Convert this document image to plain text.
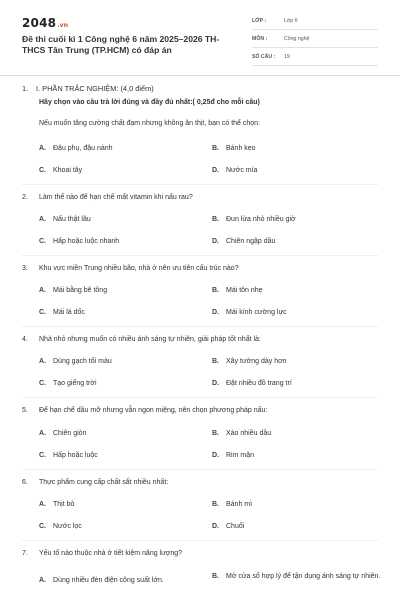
2048.vn
Đề thi cuối kì 1 Công nghệ 6 năm 2025–2026 TH-THCS Tân Trung (TP.HCM) có đáp án
LỚP :	Lớp 6
MÔN :	Công nghệ
SỐ CÂU :	19
1. I. PHẦN TRẮC NGHIỆM: (4,0 điểm)
Hãy chọn vào câu trả lời đúng và đầy đủ nhất:( 0,25đ cho mỗi câu)
Nếu muốn tăng cường chất đạm nhưng không ăn thịt, bạn có thể chọn:
A. Đậu phụ, đậu nành	B. Bánh kẹo
C. Khoai tây	D. Nước mía
2. Làm thế nào để hạn chế mất vitamin khi nấu rau?
A. Nấu thật lâu	B. Đun lửa nhỏ nhiều giờ
C. Hấp hoặc luộc nhanh	D. Chiên ngập dầu
3. Khu vực miền Trung nhiều bão, nhà ở nên ưu tiên cấu trúc nào?
A. Mái bằng bê tông	B. Mái tôn nhẹ
C. Mái lá dốc	D. Mái kính cường lực
4. Nhà nhỏ nhưng muốn có nhiều ánh sáng tự nhiên, giải pháp tốt nhất là:
A. Dùng gạch tối màu	B. Xây tường dày hơn
C. Tạo giếng trời	D. Đặt nhiều đồ trang trí
5. Để hạn chế dầu mỡ nhưng vẫn ngon miệng, nên chọn phương pháp nấu:
A. Chiên giòn	B. Xào nhiều dầu
C. Hấp hoặc luộc	D. Rim mặn
6. Thực phẩm cung cấp chất sắt nhiều nhất:
A. Thịt bò	B. Bánh mì
C. Nước lọc	D. Chuối
7. Yếu tố nào thuộc nhà ở tiết kiệm năng lượng?
A. Dùng nhiều đèn điện công suất lớn.
B. Mở cửa sổ hợp lý để tận dụng ánh sáng tự nhiên.
